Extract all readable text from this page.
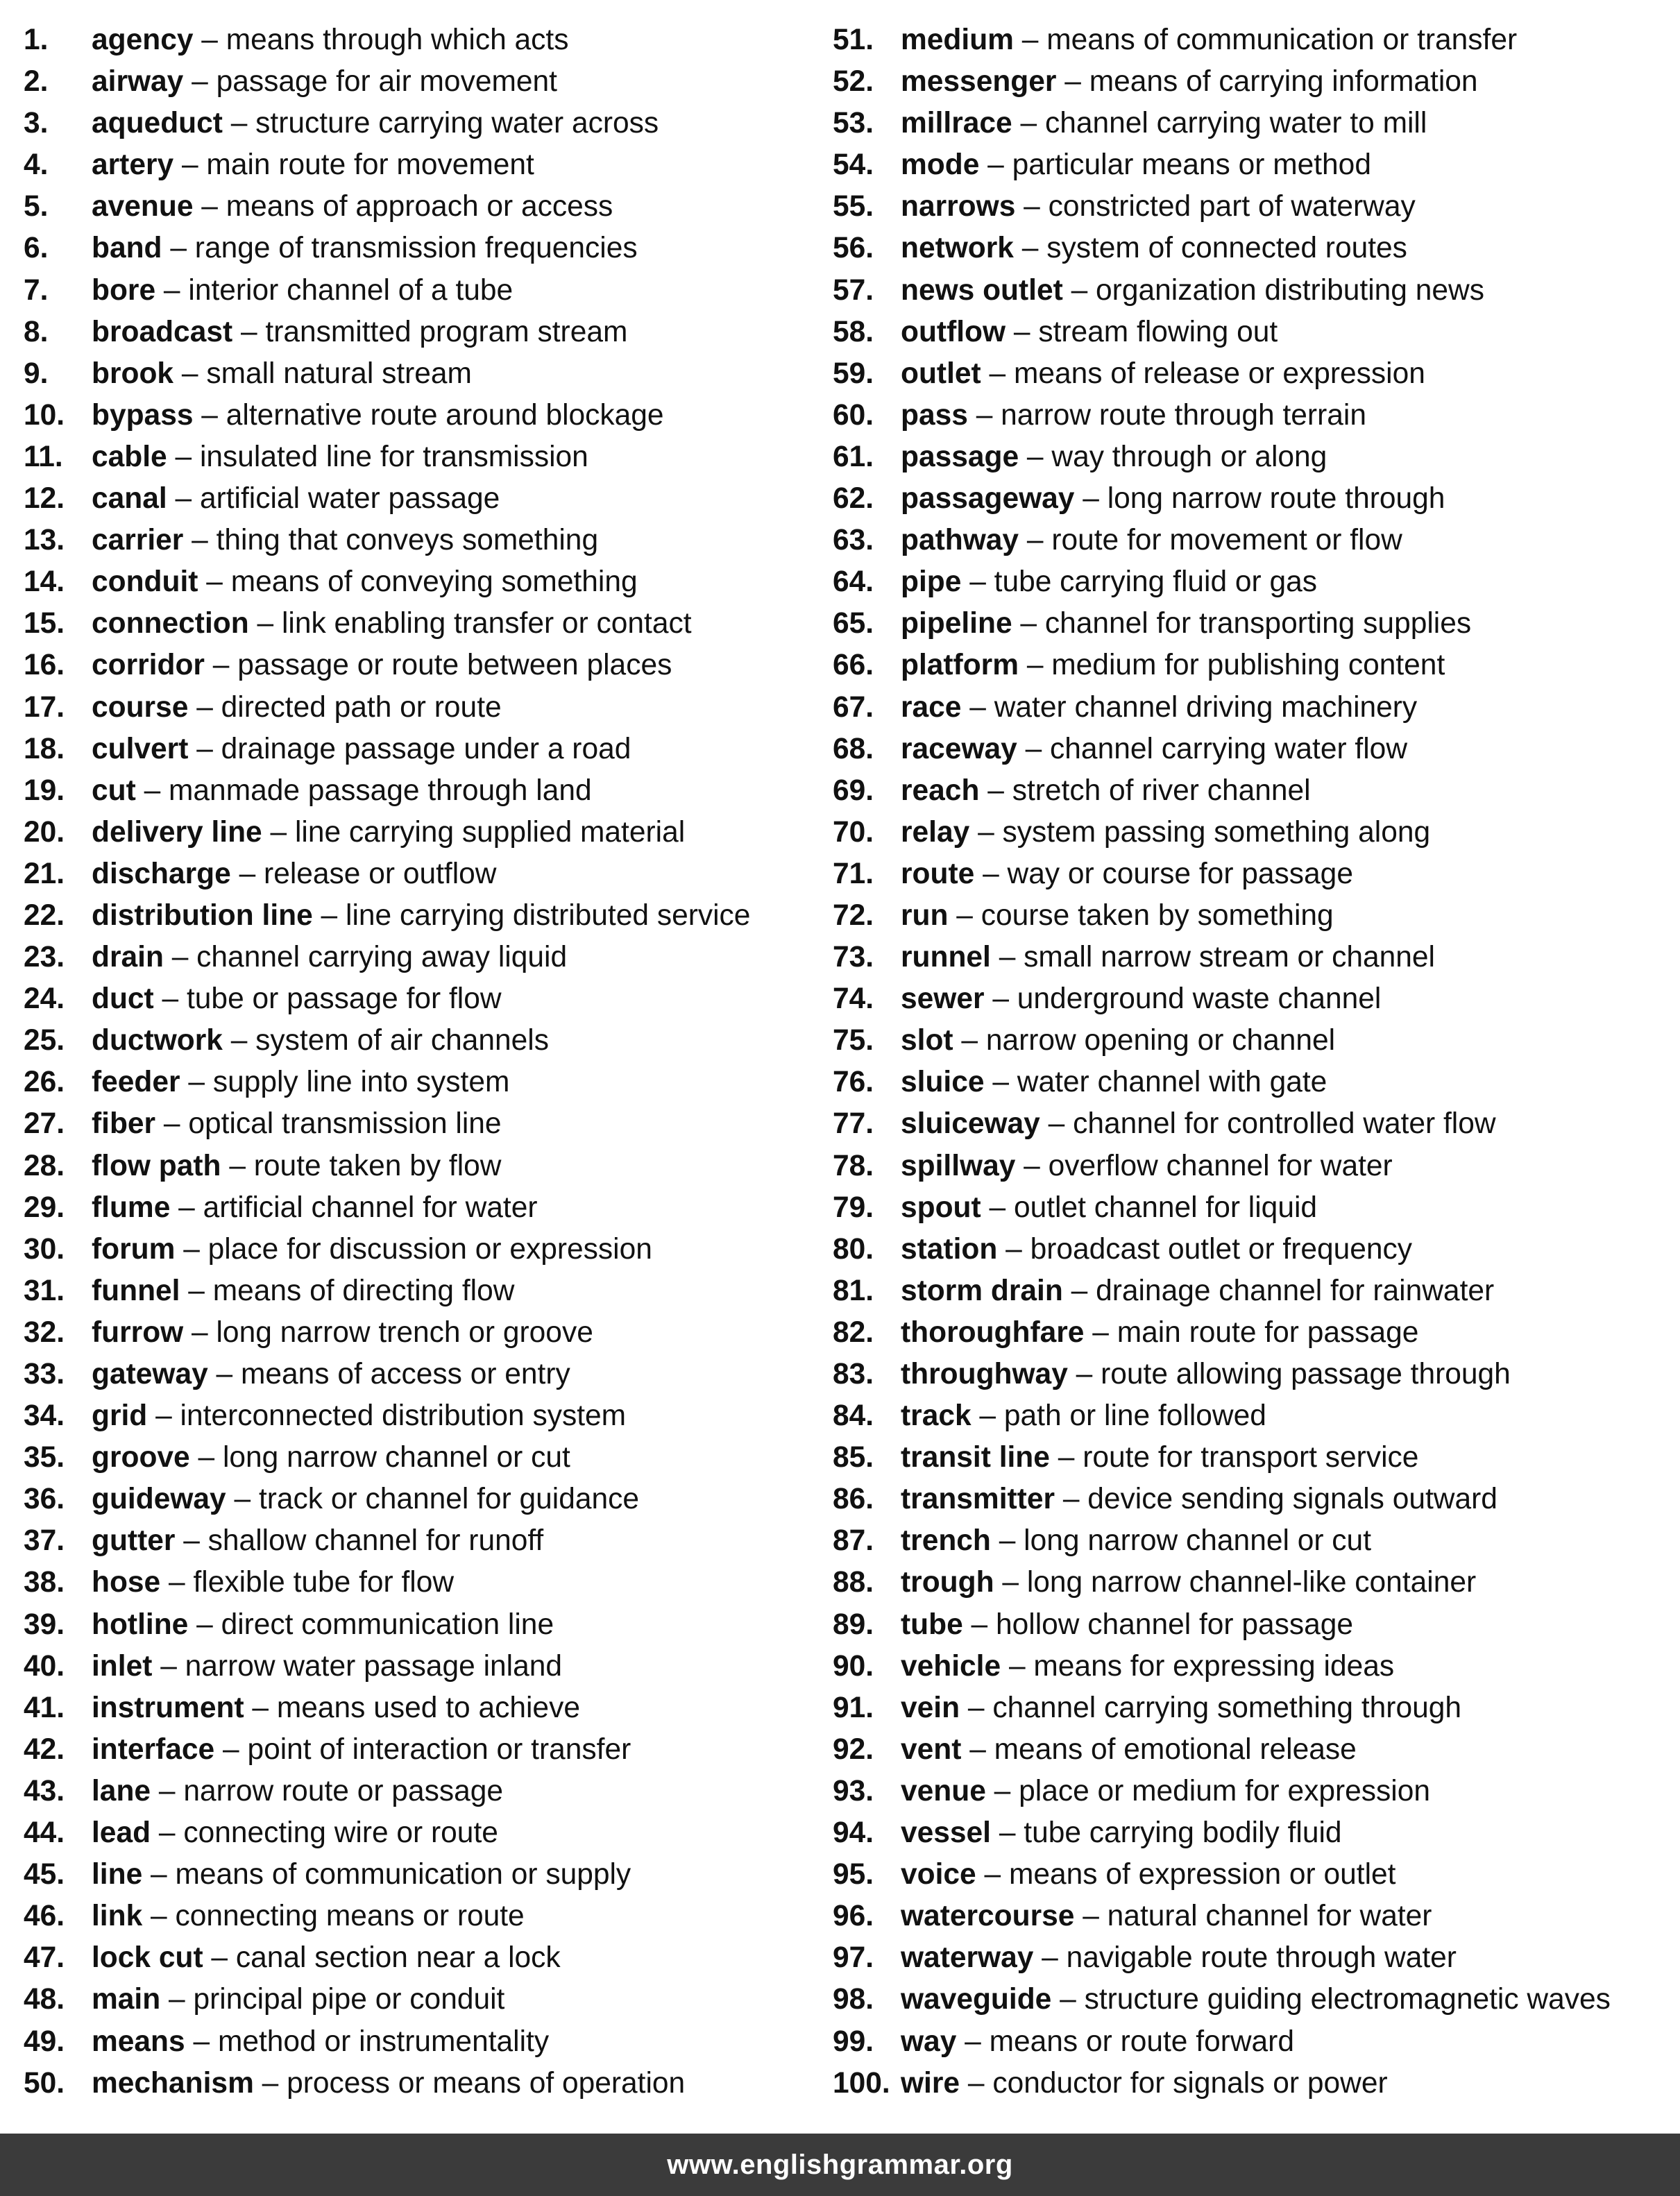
1. agency – means through which acts
2. airway – passage for air movement
3. aqueduct – structure carrying water across
4. artery – main route for movement
5. avenue – means of approach or access
6. band – range of transmission frequencies
7. bore – interior channel of a tube
8. broadcast – transmitted program stream
9. brook – small natural stream
10. bypass – alternative route around blockage
11. cable – insulated line for transmission
12. canal – artificial water passage
13. carrier – thing that conveys something
14. conduit – means of conveying something
15. connection – link enabling transfer or contact
16. corridor – passage or route between places
17. course – directed path or route
18. culvert – drainage passage under a road
19. cut – manmade passage through land
20. delivery line – line carrying supplied material
21. discharge – release or outflow
22. distribution line – line carrying distributed service
23. drain – channel carrying away liquid
24. duct – tube or passage for flow
25. ductwork – system of air channels
26. feeder – supply line into system
27. fiber – optical transmission line
28. flow path – route taken by flow
29. flume – artificial channel for water
30. forum – place for discussion or expression
31. funnel – means of directing flow
32. furrow – long narrow trench or groove
33. gateway – means of access or entry
34. grid – interconnected distribution system
35. groove – long narrow channel or cut
36. guideway – track or channel for guidance
37. gutter – shallow channel for runoff
38. hose – flexible tube for flow
39. hotline – direct communication line
40. inlet – narrow water passage inland
41. instrument – means used to achieve
42. interface – point of interaction or transfer
43. lane – narrow route or passage
44. lead – connecting wire or route
45. line – means of communication or supply
46. link – connecting means or route
47. lock cut – canal section near a lock
48. main – principal pipe or conduit
49. means – method or instrumentality
50. mechanism – process or means of operation
51. medium – means of communication or transfer
52. messenger – means of carrying information
53. millrace – channel carrying water to mill
54. mode – particular means or method
55. narrows – constricted part of waterway
56. network – system of connected routes
57. news outlet – organization distributing news
58. outflow – stream flowing out
59. outlet – means of release or expression
60. pass – narrow route through terrain
61. passage – way through or along
62. passageway – long narrow route through
63. pathway – route for movement or flow
64. pipe – tube carrying fluid or gas
65. pipeline – channel for transporting supplies
66. platform – medium for publishing content
67. race – water channel driving machinery
68. raceway – channel carrying water flow
69. reach – stretch of river channel
70. relay – system passing something along
71. route – way or course for passage
72. run – course taken by something
73. runnel – small narrow stream or channel
74. sewer – underground waste channel
75. slot – narrow opening or channel
76. sluice – water channel with gate
77. sluiceway – channel for controlled water flow
78. spillway – overflow channel for water
79. spout – outlet channel for liquid
80. station – broadcast outlet or frequency
81. storm drain – drainage channel for rainwater
82. thoroughfare – main route for passage
83. throughway – route allowing passage through
84. track – path or line followed
85. transit line – route for transport service
86. transmitter – device sending signals outward
87. trench – long narrow channel or cut
88. trough – long narrow channel-like container
89. tube – hollow channel for passage
90. vehicle – means for expressing ideas
91. vein – channel carrying something through
92. vent – means of emotional release
93. venue – place or medium for expression
94. vessel – tube carrying bodily fluid
95. voice – means of expression or outlet
96. watercourse – natural channel for water
97. waterway – navigable route through water
98. waveguide – structure guiding electromagnetic waves
99. way – means or route forward
100. wire – conductor for signals or power
www.englishgrammar.org
